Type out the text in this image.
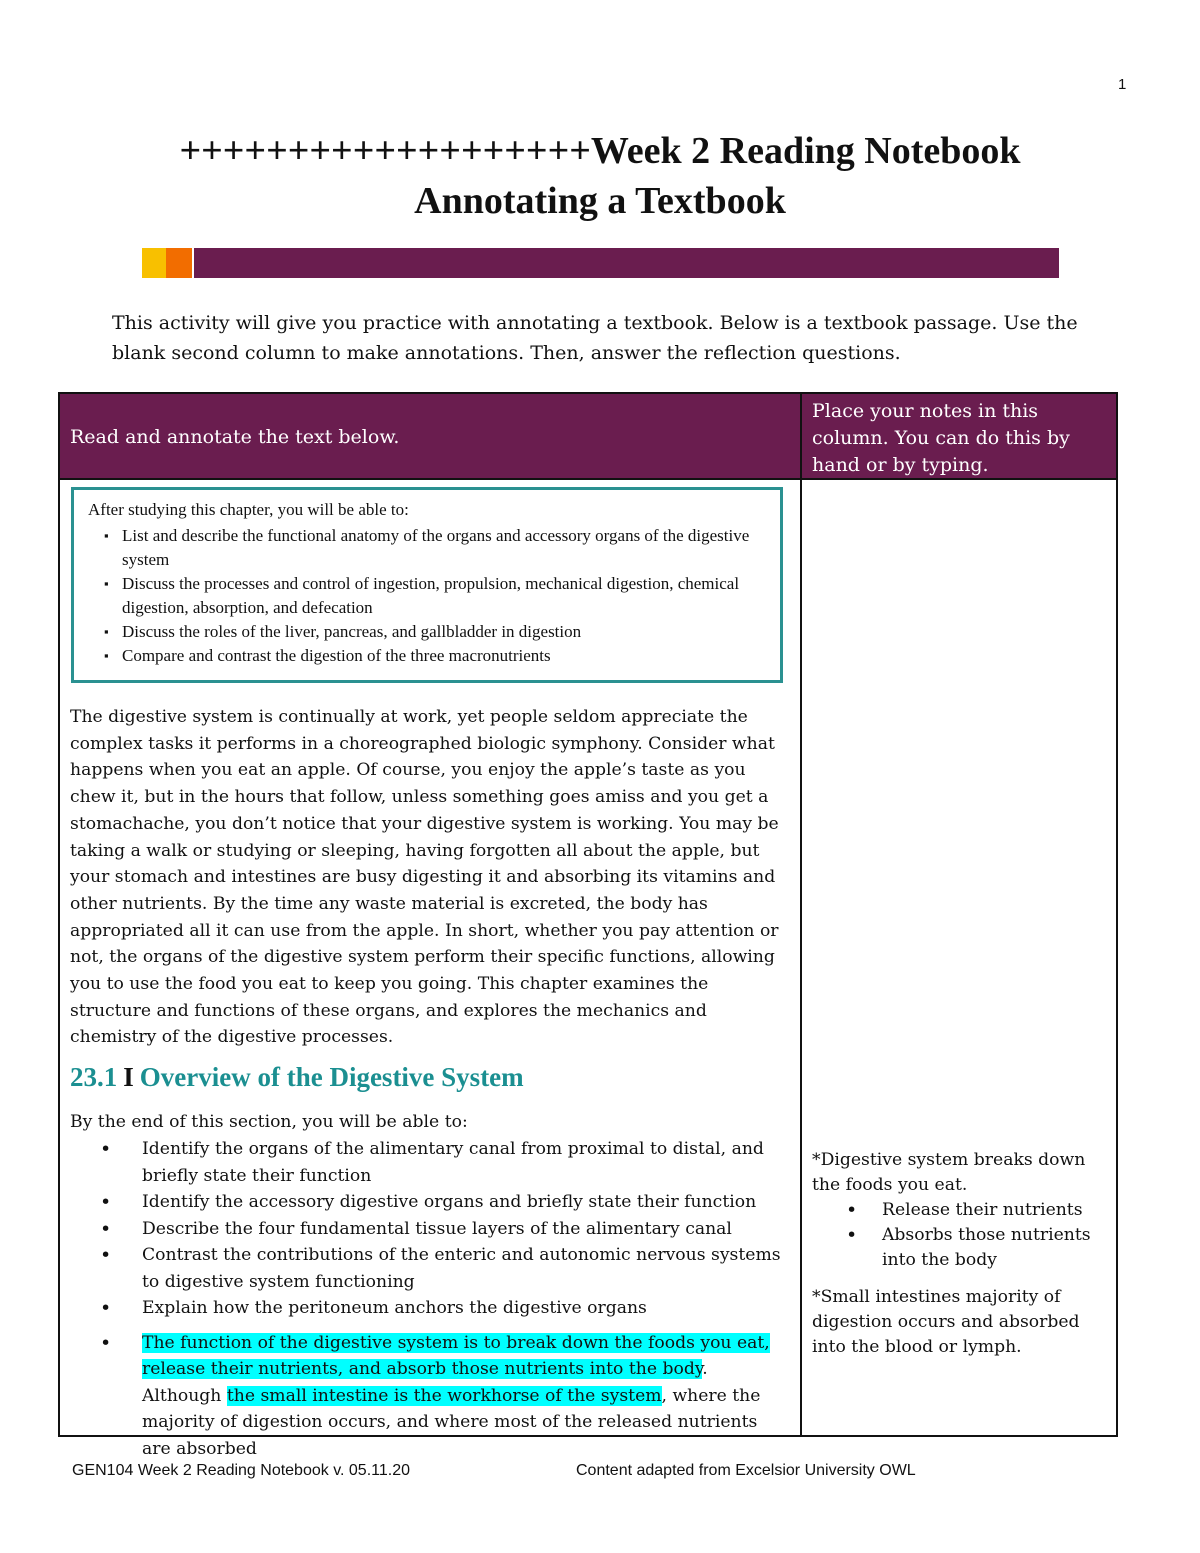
1
+++++++++++++++++++Week 2 Reading Notebook
Annotating a Textbook
This activity will give you practice with annotating a textbook. Below is a textbook passage. Use the blank second column to make annotations. Then, answer the reflection questions.
Read and annotate the text below.
Place your notes in this column. You can do this by hand or by typing.
After studying this chapter, you will be able to:
▪ List and describe the functional anatomy of the organs and accessory organs of the digestive system
▪ Discuss the processes and control of ingestion, propulsion, mechanical digestion, chemical digestion, absorption, and defecation
▪ Discuss the roles of the liver, pancreas, and gallbladder in digestion
▪ Compare and contrast the digestion of the three macronutrients
The digestive system is continually at work, yet people seldom appreciate the complex tasks it performs in a choreographed biologic symphony. Consider what happens when you eat an apple. Of course, you enjoy the apple’s taste as you chew it, but in the hours that follow, unless something goes amiss and you get a stomachache, you don’t notice that your digestive system is working. You may be taking a walk or studying or sleeping, having forgotten all about the apple, but your stomach and intestines are busy digesting it and absorbing its vitamins and other nutrients. By the time any waste material is excreted, the body has appropriated all it can use from the apple. In short, whether you pay attention or not, the organs of the digestive system perform their specific functions, allowing you to use the food you eat to keep you going. This chapter examines the structure and functions of these organs, and explores the mechanics and chemistry of the digestive processes.
23.1 I Overview of the Digestive System
By the end of this section, you will be able to:
• Identify the organs of the alimentary canal from proximal to distal, and briefly state their function
• Identify the accessory digestive organs and briefly state their function
• Describe the four fundamental tissue layers of the alimentary canal
• Contrast the contributions of the enteric and autonomic nervous systems to digestive system functioning
• Explain how the peritoneum anchors the digestive organs
• The function of the digestive system is to break down the foods you eat, release their nutrients, and absorb those nutrients into the body. Although the small intestine is the workhorse of the system, where the majority of digestion occurs, and where most of the released nutrients are absorbed

*Digestive system breaks down the foods you eat.

• Release their nutrients
• Absorbs those nutrients into the body

*Small intestines majority of digestion occurs and absorbed into the blood or lymph.

GEN104 Week 2 Reading Notebook v. 05.11.20	Content adapted from Excelsior University OWL
